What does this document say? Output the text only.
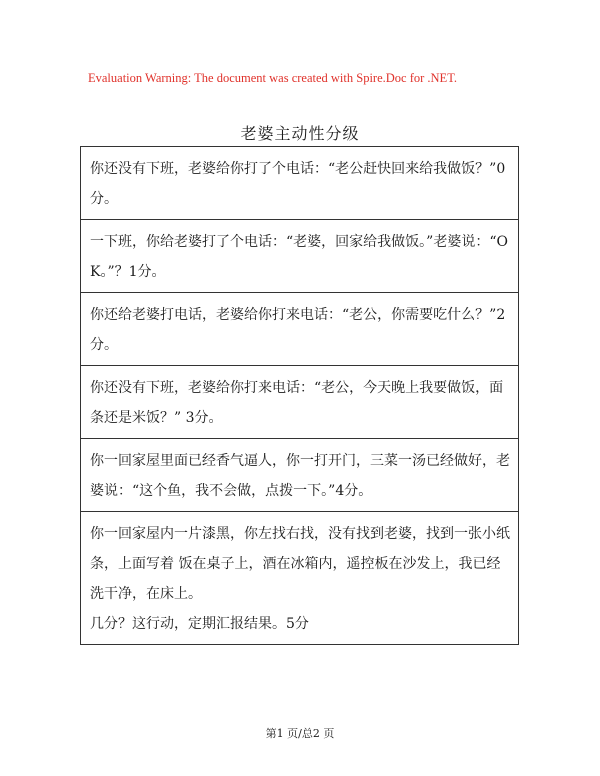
Evaluation Warning: The document was created with Spire.Doc for .NET.
老婆主动性分级
你还没有下班，老婆给你打了个电话：“老公赶快回来给我做饭？”0分。

一下班，你给老婆打了个电话：“老婆，回家给我做饭。”老婆说：“OK。”？1分。

你还给老婆打电话，老婆给你打来电话：“老公，你需要吃什么？”2分。

你还没有下班，老婆给你打来电话：“老公，今天晚上我要做饭，面条还是米饭？” 3分。

你一回家屋里面已经香气逼人，你一打开门，三菜一汤已经做好，老婆说：“这个鱼，我不会做，点拨一下。”4分。

你一回家屋内一片漆黑，你左找右找，没有找到老婆，找到一张小纸条，上面写着 饭在桌子上，酒在冰箱内，遥控板在沙发上，我已经洗干净，在床上。
几分？这行动，定期汇报结果。5分
第1 页/总2 页
